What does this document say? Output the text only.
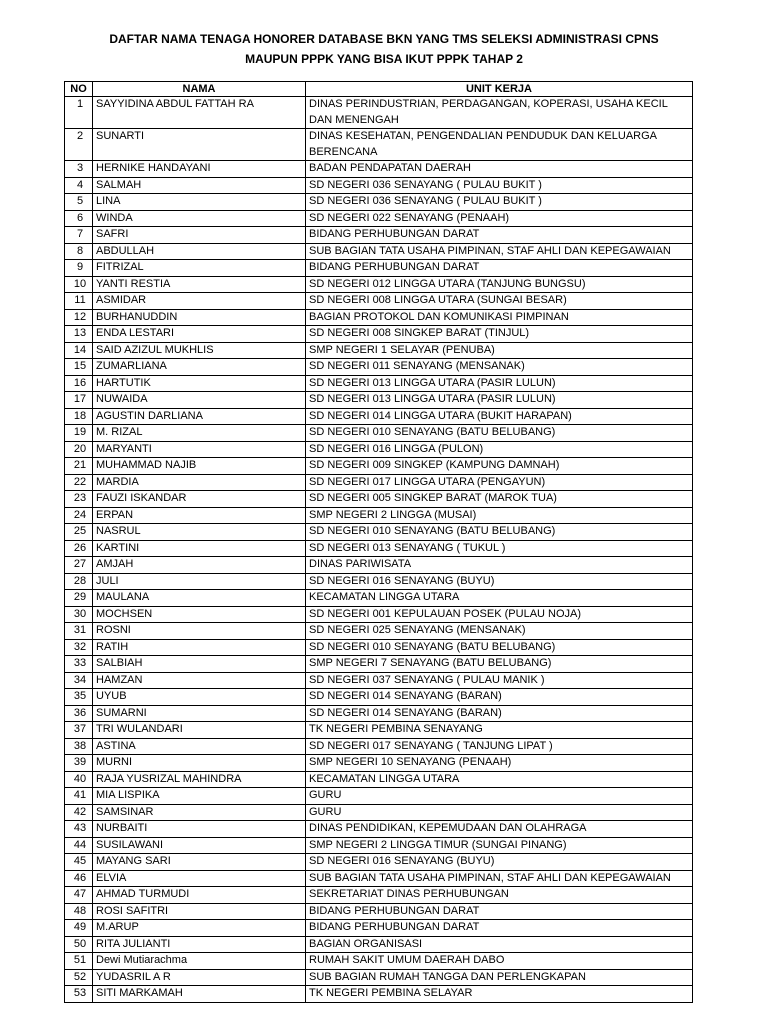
DAFTAR NAMA TENAGA HONORER DATABASE BKN YANG TMS SELEKSI ADMINISTRASI CPNS
MAUPUN PPPK YANG BISA IKUT PPPK TAHAP 2
NO	NAMA	UNIT KERJA
1	SAYYIDINA ABDUL FATTAH RA	DINAS PERINDUSTRIAN, PERDAGANGAN, KOPERASI, USAHA KECIL DAN MENENGAH
2	SUNARTI	DINAS KESEHATAN, PENGENDALIAN PENDUDUK DAN KELUARGA BERENCANA
3	HERNIKE HANDAYANI	BADAN PENDAPATAN DAERAH
4	SALMAH	SD NEGERI 036 SENAYANG ( PULAU BUKIT )
5	LINA	SD NEGERI 036 SENAYANG ( PULAU BUKIT )
6	WINDA	SD NEGERI 022 SENAYANG (PENAAH)
7	SAFRI	BIDANG PERHUBUNGAN DARAT
8	ABDULLAH	SUB BAGIAN TATA USAHA PIMPINAN, STAF AHLI DAN KEPEGAWAIAN
9	FITRIZAL	BIDANG PERHUBUNGAN DARAT
10	YANTI RESTIA	SD NEGERI 012 LINGGA UTARA (TANJUNG BUNGSU)
11	ASMIDAR	SD NEGERI 008 LINGGA UTARA (SUNGAI BESAR)
12	BURHANUDDIN	BAGIAN PROTOKOL DAN KOMUNIKASI PIMPINAN
13	ENDA LESTARI	SD NEGERI 008 SINGKEP BARAT (TINJUL)
14	SAID AZIZUL MUKHLIS	SMP NEGERI 1 SELAYAR (PENUBA)
15	ZUMARLIANA	SD NEGERI 011 SENAYANG (MENSANAK)
16	HARTUTIK	SD NEGERI 013 LINGGA UTARA (PASIR LULUN)
17	NUWAIDA	SD NEGERI 013 LINGGA UTARA (PASIR LULUN)
18	AGUSTIN DARLIANA	SD NEGERI 014 LINGGA UTARA (BUKIT HARAPAN)
19	M. RIZAL	SD NEGERI 010 SENAYANG (BATU BELUBANG)
20	MARYANTI	SD NEGERI 016 LINGGA (PULON)
21	MUHAMMAD NAJIB	SD NEGERI 009 SINGKEP (KAMPUNG DAMNAH)
22	MARDIA	SD NEGERI 017 LINGGA UTARA (PENGAYUN)
23	FAUZI ISKANDAR	SD NEGERI 005 SINGKEP BARAT (MAROK TUA)
24	ERPAN	SMP NEGERI 2 LINGGA (MUSAI)
25	NASRUL	SD NEGERI 010 SENAYANG (BATU BELUBANG)
26	KARTINI	SD NEGERI 013 SENAYANG ( TUKUL )
27	AMJAH	DINAS PARIWISATA
28	JULI	SD NEGERI 016 SENAYANG (BUYU)
29	MAULANA	KECAMATAN LINGGA UTARA
30	MOCHSEN	SD NEGERI 001 KEPULAUAN POSEK (PULAU NOJA)
31	ROSNI	SD NEGERI 025 SENAYANG (MENSANAK)
32	RATIH	SD NEGERI 010 SENAYANG (BATU BELUBANG)
33	SALBIAH	SMP NEGERI 7 SENAYANG (BATU BELUBANG)
34	HAMZAN	SD NEGERI 037 SENAYANG ( PULAU MANIK )
35	UYUB	SD NEGERI 014 SENAYANG (BARAN)
36	SUMARNI	SD NEGERI 014 SENAYANG (BARAN)
37	TRI WULANDARI	TK NEGERI PEMBINA SENAYANG
38	ASTINA	SD NEGERI 017 SENAYANG ( TANJUNG LIPAT )
39	MURNI	SMP NEGERI 10 SENAYANG (PENAAH)
40	RAJA YUSRIZAL MAHINDRA	KECAMATAN LINGGA UTARA
41	MIA LISPIKA	GURU
42	SAMSINAR	GURU
43	NURBAITI	DINAS PENDIDIKAN, KEPEMUDAAN DAN OLAHRAGA
44	SUSILAWANI	SMP NEGERI 2 LINGGA TIMUR (SUNGAI PINANG)
45	MAYANG SARI	SD NEGERI 016 SENAYANG (BUYU)
46	ELVIA	SUB BAGIAN TATA USAHA PIMPINAN, STAF AHLI DAN KEPEGAWAIAN
47	AHMAD TURMUDI	SEKRETARIAT DINAS PERHUBUNGAN
48	ROSI SAFITRI	BIDANG PERHUBUNGAN DARAT
49	M.ARUP	BIDANG PERHUBUNGAN DARAT
50	RITA JULIANTI	BAGIAN ORGANISASI
51	Dewi Mutiarachma	RUMAH SAKIT UMUM DAERAH DABO
52	YUDASRIL A R	SUB BAGIAN RUMAH TANGGA DAN PERLENGKAPAN
53	SITI MARKAMAH	TK NEGERI PEMBINA SELAYAR
